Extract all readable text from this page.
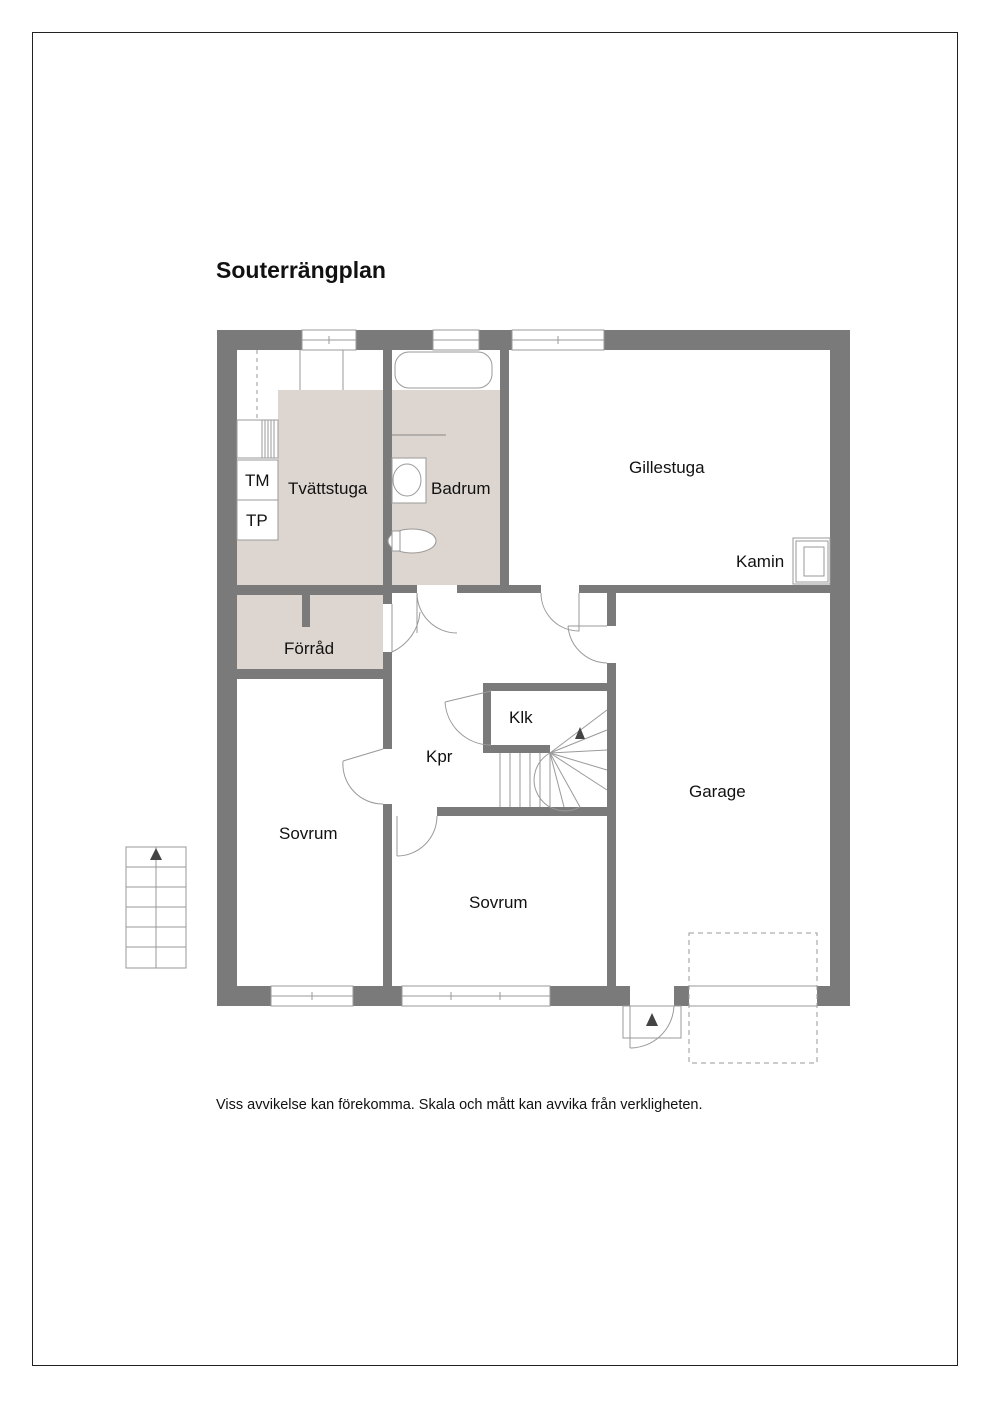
Souterrängplan
Tvättstuga	Badrum
Gillestuga
Kamin
Förråd
Klk
Kpr
Garage
Sovrum
Sovrum
TM
TP
Viss avvikelse kan förekomma. Skala och mått kan avvika från verkligheten.
